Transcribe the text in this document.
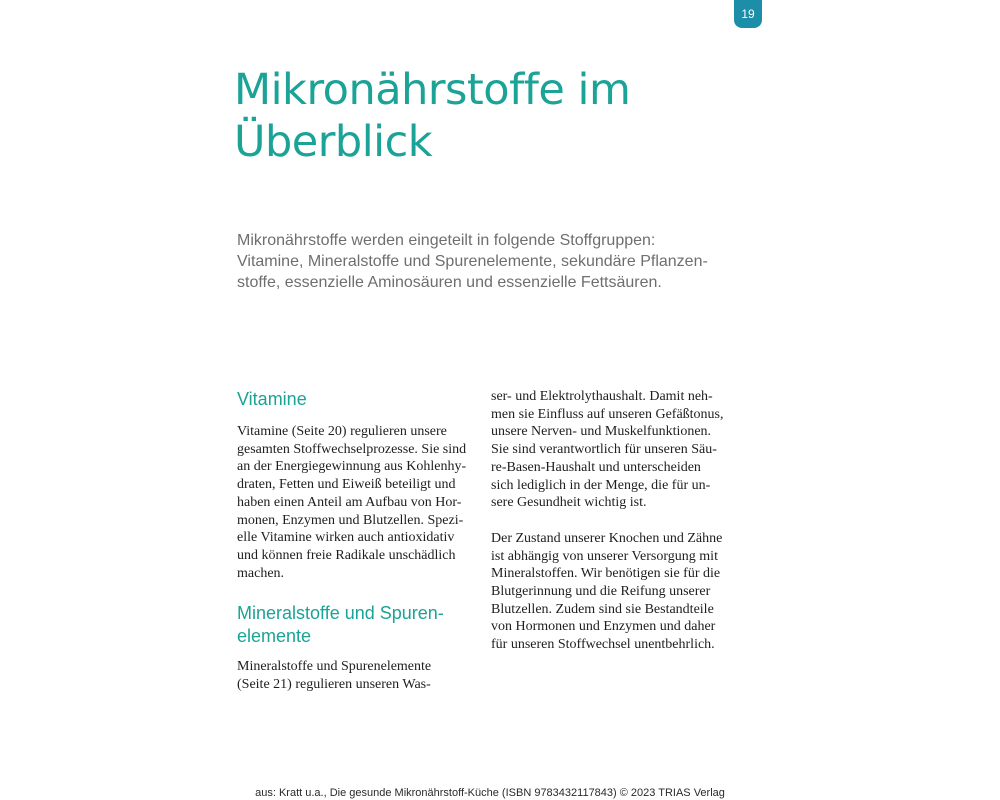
19
Mikronährstoffe im
Überblick
Mikronährstoffe werden eingeteilt in folgende Stoffgruppen:
Vitamine, Mineralstoffe und Spurenelemente, sekundäre Pflanzen-
stoffe, essenzielle Aminosäuren und essenzielle Fettsäuren.
Vitamine
Vitamine (Seite 20) regulieren unsere
gesamten Stoffwechselprozesse. Sie sind
an der Energiegewinnung aus Kohlenhy-
draten, Fetten und Eiweiß beteiligt und
haben einen Anteil am Aufbau von Hor-
monen, Enzymen und Blutzellen. Spezi-
elle Vitamine wirken auch antioxidativ
und können freie Radikale unschädlich
machen.
Mineralstoffe und Spuren-
elemente
Mineralstoffe und Spurenelemente
(Seite 21) regulieren unseren Was-
ser- und Elektrolythaushalt. Damit neh-
men sie Einfluss auf unseren Gefäßtonus,
unsere Nerven- und Muskelfunktionen.
Sie sind verantwortlich für unseren Säu-
re-Basen-Haushalt und unterscheiden
sich lediglich in der Menge, die für un-
sere Gesundheit wichtig ist.
Der Zustand unserer Knochen und Zähne
ist abhängig von unserer Versorgung mit
Mineralstoffen. Wir benötigen sie für die
Blutgerinnung und die Reifung unserer
Blutzellen. Zudem sind sie Bestandteile
von Hormonen und Enzymen und daher
für unseren Stoffwechsel unentbehrlich.
aus: Kratt u.a., Die gesunde Mikronährstoff-Küche (ISBN 9783432117843) © 2023 TRIAS Verlag
